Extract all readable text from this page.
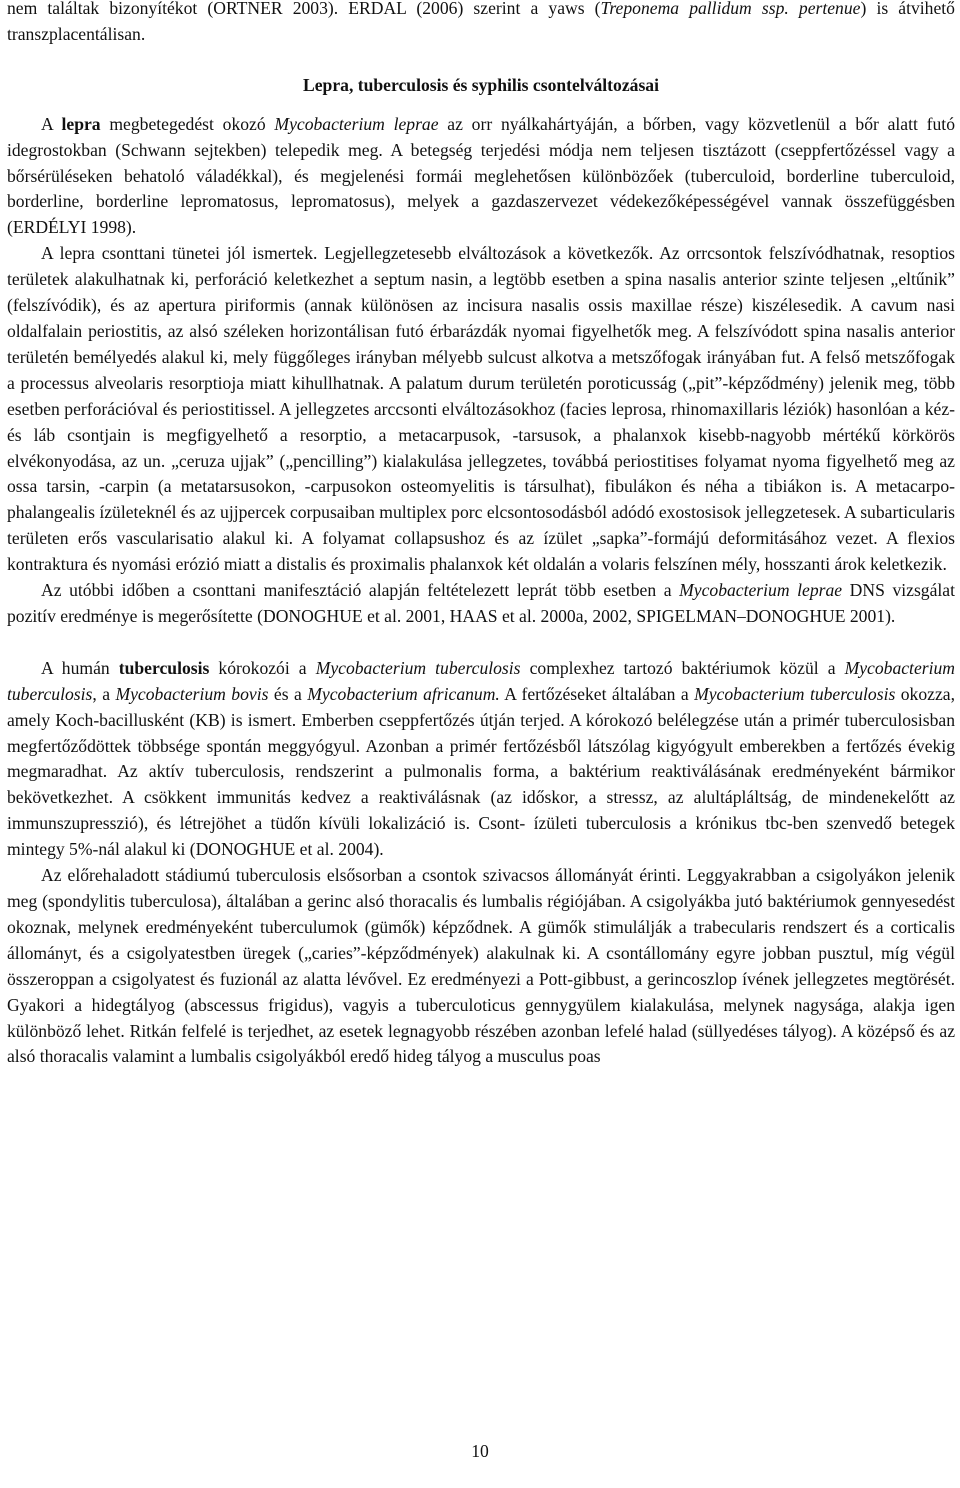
nem találtak bizonyítékot (ORTNER 2003). ERDAL (2006) szerint a yaws (Treponema pallidum ssp. pertenue) is átvihető transzplacentálisan.

Lepra, tuberculosis és syphilis csontelváltozásai

A lepra megbetegedést okozó Mycobacterium leprae az orr nyálkahártyáján, a bőrben, vagy közvetlenül a bőr alatt futó idegrostokban (Schwann sejtekben) telepedik meg. A betegség terjedési módja nem teljesen tisztázott (cseppfertőzéssel vagy a bőrsérüléseken behatoló váladékkal), és megjelenési formái meglehetősen különbözőek (tuberculoid, borderline tuberculoid, borderline, borderline lepromatosus, lepromatosus), melyek a gazdaszervezet védekezőképességével vannak összefüggésben (ERDÉLYI 1998).

A lepra csonttani tünetei jól ismertek. Legjellegzetesebb elváltozások a következők. Az orrcsontok felszívódhatnak, resoptios területek alakulhatnak ki, perforáció keletkezhet a septum nasin, a legtöbb esetben a spina nasalis anterior szinte teljesen „eltűnik” (felszívódik), és az apertura piriformis (annak különösen az incisura nasalis ossis maxillae része) kiszélesedik. A cavum nasi oldalfalain periostitis, az alsó széleken horizontálisan futó érbarázdák nyomai figyelhetők meg. A felszívódott spina nasalis anterior területén bemélyedés alakul ki, mely függőleges irányban mélyebb sulcust alkotva a metszőfogak irányában fut. A felső metszőfogak a processus alveolaris resorptioja miatt kihullhatnak. A palatum durum területén poroticusság („pit”-képződmény) jelenik meg, több esetben perforációval és periostitissel. A jellegzetes arccsonti elváltozásokhoz (facies leprosa, rhinomaxillaris léziók) hasonlóan a kéz- és láb csontjain is megfigyelhető a resorptio, a metacarpusok, -tarsusok, a phalanxok kisebb-nagyobb mértékű körkörös elvékonyodása, az un. „ceruza ujjak” („pencilling”) kialakulása jellegzetes, továbbá periostitises folyamat nyoma figyelhető meg az ossa tarsin, -carpin (a metatarsusokon, -carpusokon osteomyelitis is társulhat), fibulákon és néha a tibiákon is. A metacarpophalangealis ízületeknél és az ujjpercek corpusaiban multiplex porc elcsontosodásból adódó exostosisok jellegzetesek. A subarticularis területen erős vascularisatio alakul ki. A folyamat collapsushoz és az ízület „sapka”-formájú deformitásához vezet. A flexios kontraktura és nyomási erózió miatt a distalis és proximalis phalanxok két oldalán a volaris felszínen mély, hosszanti árok keletkezik.

Az utóbbi időben a csonttani manifesztáció alapján feltételezett leprát több esetben a Mycobacterium leprae DNS vizsgálat pozitív eredménye is megerősítette (DONOGHUE et al. 2001, HAAS et al. 2000a, 2002, SPIGELMAN–DONOGHUE 2001).

A humán tuberculosis kórokozói a Mycobacterium tuberculosis complexhez tartozó baktériumok közül a Mycobacterium tuberculosis, a Mycobacterium bovis és a Mycobacterium africanum. A fertőzéseket általában a Mycobacterium tuberculosis okozza, amely Koch-bacillusként (KB) is ismert. Emberben cseppfertőzés útján terjed. A kórokozó belélegzése után a primér tuberculosisban megfertőződöttek többsége spontán meggyógyul. Azonban a primér fertőzésből látszólag kigyógyult emberekben a fertőzés évekig megmaradhat. Az aktív tuberculosis, rendszerint a pulmonalis forma, a baktérium reaktiválásának eredményeként bármikor bekövetkezhet. A csökkent immunitás kedvez a reaktiválásnak (az időskor, a stressz, az alultápláltság, de mindenekelőtt az immunszupresszió), és létrejöhet a tüdőn kívüli lokalizáció is. Csont- ízületi tuberculosis a krónikus tbc-ben szenvedő betegek mintegy 5%-nál alakul ki (DONOGHUE et al. 2004).

Az előrehaladott stádiumú tuberculosis elsősorban a csontok szivacsos állományát érinti. Leggyakrabban a csigolyákon jelenik meg (spondylitis tuberculosa), általában a gerinc alsó thoracalis és lumbalis régiójában. A csigolyákba jutó baktériumok gennyesedést okoznak, melynek eredményeként tuberculumok (gümők) képződnek. A gümők stimulálják a trabecularis rendszert és a corticalis állományt, és a csigolyatestben üregek („caries”-képződmények) alakulnak ki. A csontállomány egyre jobban pusztul, míg végül összeroppan a csigolyatest és fuzionál az alatta lévővel. Ez eredményezi a Pott-gibbust, a gerincoszlop ívének jellegzetes megtörését. Gyakori a hidegtályog (abscessus frigidus), vagyis a tuberculoticus gennygyülem kialakulása, melynek nagysága, alakja igen különböző lehet. Ritkán felfelé is terjedhet, az esetek legnagyobb részében azonban lefelé halad (süllyedéses tályog). A középső és az alsó thoracalis valamint a lumbalis csigolyákból eredő hideg tályog a musculus poas

10
